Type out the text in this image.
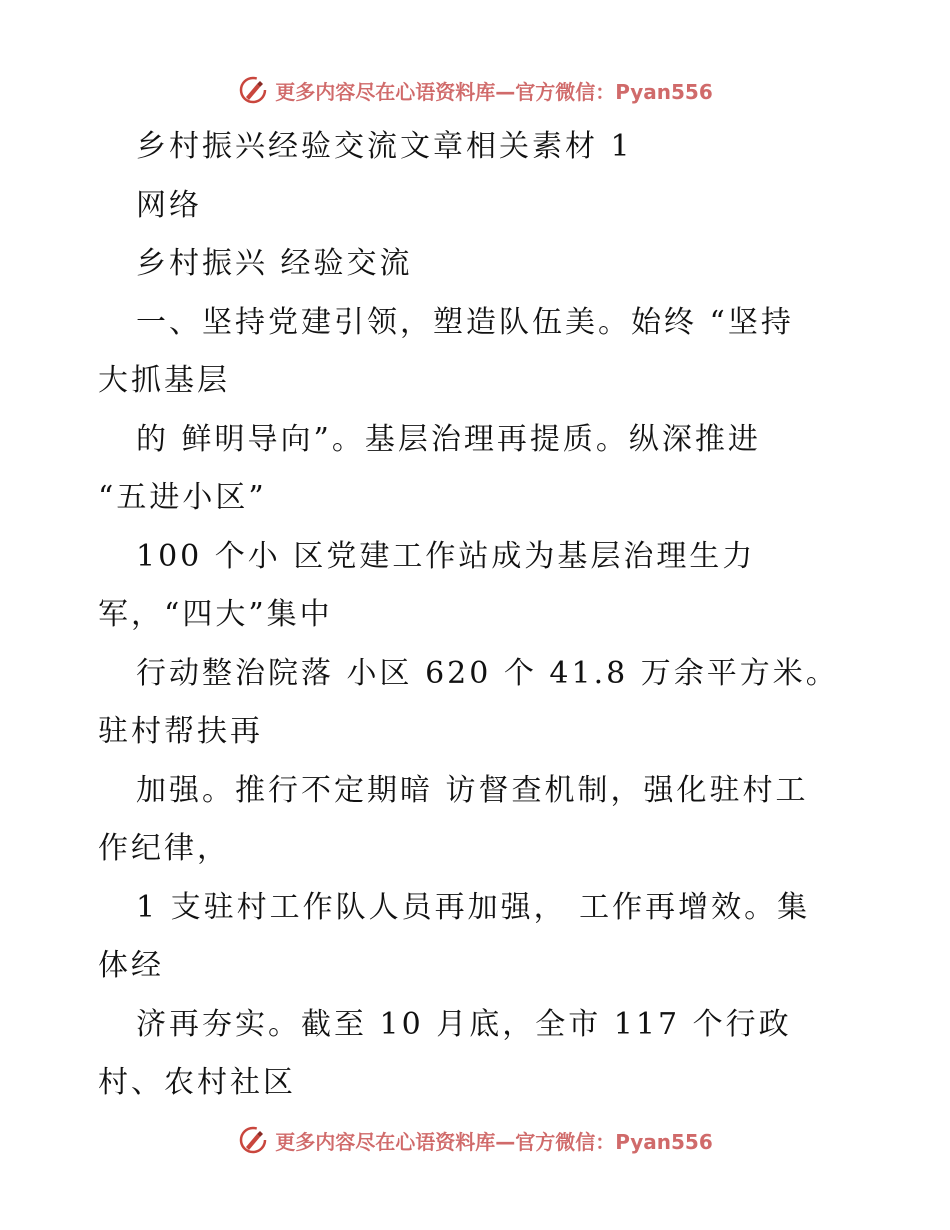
更多内容尽在心语资料库—官方微信：Pyan556
乡村振兴经验交流文章相关素材 1
网络
乡村振兴 经验交流
一、坚持党建引领，塑造队伍美。始终 “坚持
大抓基层
的 鲜明导向”。基层治理再提质。纵深推进
“五进小区”
100 个小 区党建工作站成为基层治理生力
军，“四大”集中
行动整治院落 小区 620 个 41.8 万余平方米。
驻村帮扶再
加强。推行不定期暗 访督查机制，强化驻村工
作纪律，
1 支驻村工作队人员再加强， 工作再增效。集
体经
济再夯实。截至 10 月底，全市 117 个行政
村、农村社区
更多内容尽在心语资料库—官方微信：Pyan556
